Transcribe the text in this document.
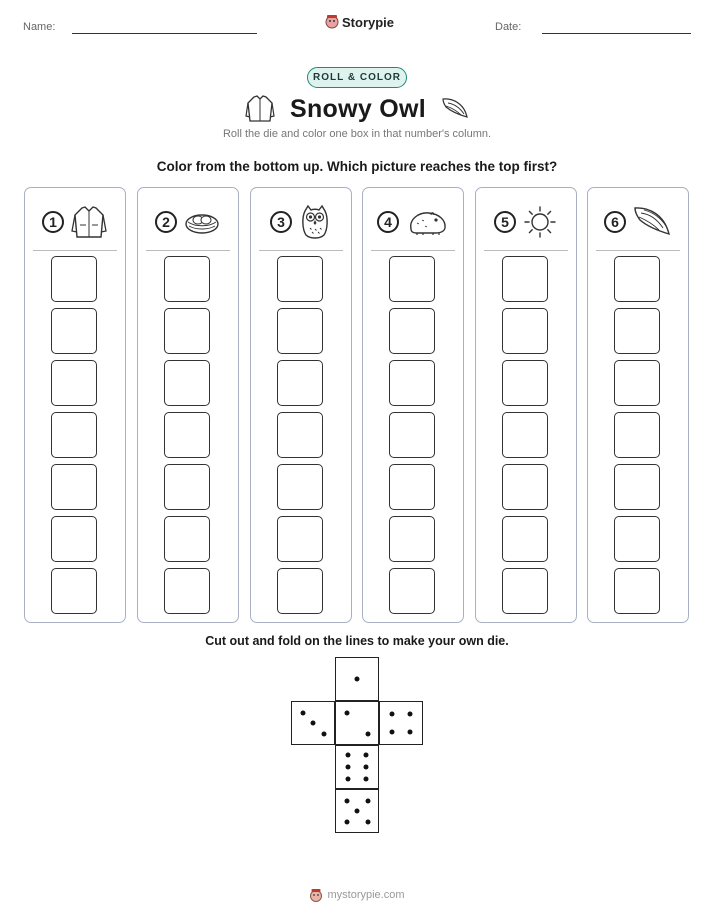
Name:	Storypie	Date:
ROLL & COLOR
Snowy Owl
Roll the die and color one box in that number's column.
Color from the bottom up. Which picture reaches the top first?
1	2	3	4	5	6
Cut out and fold on the lines to make your own die.
mystorypie.com
